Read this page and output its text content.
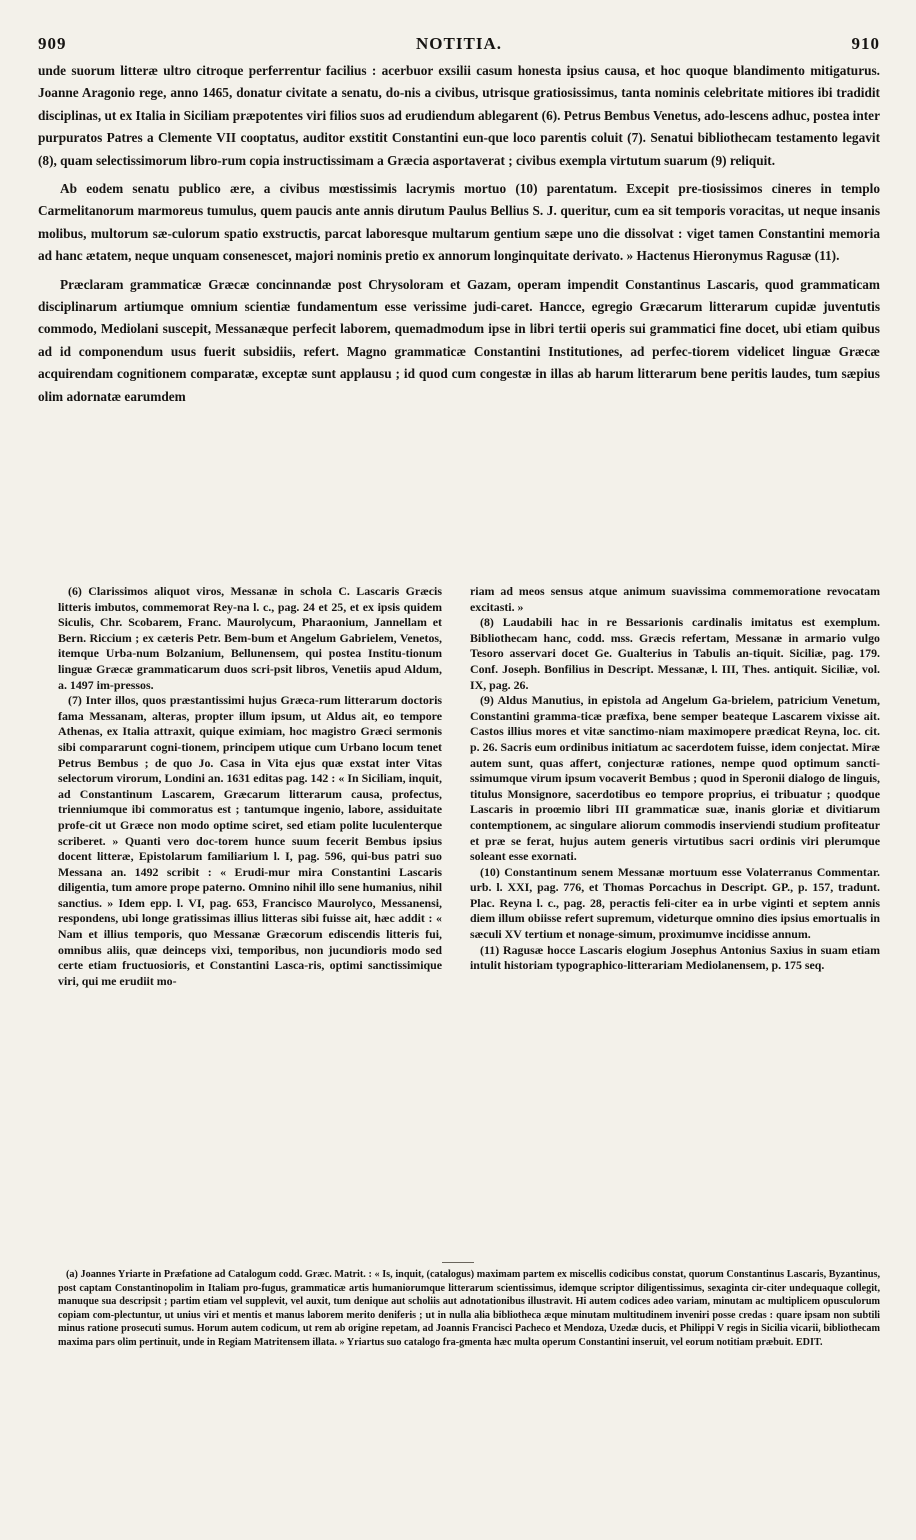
909	NOTITIA.	910

unde suorum litteræ ultro citroque perferrentur facilius : acerbuor exsilii casum honesta ipsius causa, et hoc quoque blandimento mitigaturus. Joanne Aragonio rege, anno 1465, donatur civitate a senatu, do-nis a civibus, utrisque gratiosissimus, tanta nominis celebritate mitiores ibi tradidit disciplinas, ut ex Italia in Siciliam præpotentes viri filios suos ad erudiendum ablegarent (6). Petrus Bembus Venetus, ado-lescens adhuc, postea inter purpuratos Patres a Clemente VII cooptatus, auditor exstitit Constantini eun-que loco parentis coluit (7). Senatui bibliothecam testamento legavit (8), quam selectissimorum libro-rum copia instructissimam a Græcia asportaverat ; civibus exempla virtutum suarum (9) reliquit.

Ab eodem senatu publico ære, a civibus mœstissimis lacrymis mortuo (10) parentatum. Excepit pre-tiosissimos cineres in templo Carmelitanorum marmoreus tumulus, quem paucis ante annis dirutum Paulus Bellius S. J. queritur, cum ea sit temporis voracitas, ut neque insanis molibus, multorum sæ-culorum spatio exstructis, parcat laboresque multarum gentium sæpe uno die dissolvat : viget tamen Constantini memoria ad hanc ætatem, neque unquam consenescet, majori nominis pretio ex annorum longinquitate derivato. » Hactenus Hieronymus Ragusæ (11).

Præclaram grammaticæ Græcæ concinnandæ post Chrysoloram et Gazam, operam impendit Constantinus Lascaris, quod grammaticam disciplinarum artiumque omnium scientiæ fundamentum esse verissime judi-caret. Hancce, egregio Græcarum litterarum cupidæ juventutis commodo, Mediolani suscepit, Messanæque perfecit laborem, quemadmodum ipse in libri tertii operis sui grammatici fine docet, ubi etiam quibus ad id componendum usus fuerit subsidiis, refert. Magno grammaticæ Constantini Institutiones, ad perfec-tiorem videlicet linguæ Græcæ acquirendam cognitionem comparatæ, exceptæ sunt applausu ; id quod cum congestæ in illas ab harum litterarum bene peritis laudes, tum sæpius olim adornatæ earumdem

(6) Clarissimos aliquot viros, Messanæ in schola C. Lascaris Græcis litteris imbutos, commemorat Rey-na l. c., pag. 24 et 25, et ex ipsis quidem Siculis, Chr. Scobarem, Franc. Maurolycum, Pharaonium, Jannellam et Bern. Riccium ; ex cæteris Petr. Bem-bum et Angelum Gabrielem, Venetos, itemque Urba-num Bolzanium, Bellunensem, qui postea Institu-tionum linguæ Græcæ grammaticarum duos scri-psit libros, Venetiis apud Aldum, a. 1497 im-pressos.

(7) Inter illos, quos præstantissimi hujus Græca-rum litterarum doctoris fama Messanam, alteras, propter illum ipsum, ut Aldus ait, eo tempore Athenas, ex Italia attraxit, quique eximiam, hoc magistro Græci sermonis sibi compararunt cogni-tionem, principem utique cum Urbano locum tenet Petrus Bembus ; de quo Jo. Casa in Vita ejus quæ exstat inter Vitas selectorum virorum, Londini an. 1631 editas pag. 142 : « In Siciliam, inquit, ad Constantinum Lascarem, Græcarum litterarum causa, profectus, trienniumque ibi commoratus est ; tantumque ingenio, labore, assiduitate profe-cit ut Græce non modo optime sciret, sed etiam polite luculenterque scriberet. » Quanti vero doc-torem hunce suum fecerit Bembus ipsius docent litteræ, Epistolarum familiarium l. I, pag. 596, qui-bus patri suo Messana an. 1492 scribit : « Erudi-mur mira Constantini Lascaris diligentia, tum amore prope paterno. Omnino nihil illo sene humanius, nihil sanctius. » Idem epp. l. VI, pag. 653, Francisco Maurolyco, Messanensi, respondens, ubi longe gratissimas illius litteras sibi fuisse ait, hæc addit : « Nam et illius temporis, quo Messanæ Græcorum ediscendis litteris fui, omnibus aliis, quæ deinceps vixi, temporibus, non jucundioris modo sed certe etiam fructuosioris, et Constantini Lasca-ris, optimi sanctissimique viri, qui me erudiit mo-

riam ad meos sensus atque animum suavissima commemoratione revocatam excitasti. »

(8) Laudabili hac in re Bessarionis cardinalis imitatus est exemplum. Bibliothecam hanc, codd. mss. Græcis refertam, Messanæ in armario vulgo Tesoro asservari docet Ge. Gualterius in Tabulis an-tiquit. Siciliæ, pag. 179. Conf. Joseph. Bonfilius in Descript. Messanæ, l. III, Thes. antiquit. Siciliæ, vol. IX, pag. 26.

(9) Aldus Manutius, in epistola ad Angelum Ga-brielem, patricium Venetum, Constantini gramma-ticæ præfixa, bene semper beateque Lascarem vixisse ait. Castos illius mores et vitæ sanctimo-niam maximopere prædicat Reyna, loc. cit. p. 26. Sacris eum ordinibus initiatum ac sacerdotem fuisse, idem conjectat. Miræ autem sunt, quas affert, conjecturæ rationes, nempe quod optimum sancti-ssimumque virum ipsum vocaverit Bembus ; quod in Speronii dialogo de linguis, titulus Monsignore, sacerdotibus eo tempore proprius, ei tribuatur ; quodque Lascaris in proœmio libri III grammaticæ suæ, inanis gloriæ et divitiarum contemptionem, ac singulare aliorum commodis inserviendi studium profiteatur et præ se ferat, hujus autem generis virtutibus sacri ordinis viri plerumque soleant esse exornati.

(10) Constantinum senem Messanæ mortuum esse Volaterranus Commentar. urb. l. XXI, pag. 776, et Thomas Porcachus in Descript. GP., p. 157, tradunt. Plac. Reyna l. c., pag. 28, peractis feli-citer ea in urbe viginti et septem annis diem illum obiisse refert supremum, videturque omnino dies ipsius emortualis in sæculi XV tertium et nonage-simum, proximumve incidisse annum.

(11) Ragusæ hocce Lascaris elogium Josephus Antonius Saxius in suam etiam intulit historiam typographico-litterariam Mediolanensem, p. 175 seq.

(a) Joannes Yriarte in Præfatione ad Catalogum codd. Græc. Matrit. : « Is, inquit, (catalogus) maximam partem ex miscellis codicibus constat, quorum Constantinus Lascaris, Byzantinus, post captam Constantinopolim in Italiam pro-fugus, grammaticæ artis humaniorumque litterarum scientissimus, idemque scriptor diligentissimus, sexaginta cir-citer undequaque collegit, manuque sua descripsit ; partim etiam vel supplevit, vel auxit, tum denique aut scholiis aut adnotationibus illustravit. Hi autem codices adeo variam, minutam ac multiplicem opusculorum copiam com-plectuntur, ut unius viri et mentis et manus laborem merito deniferis ; ut in nulla alia bibliotheca æque minutam multitudinem inveniri posse credas : quare ipsam non subtili minus ratione prosecuti sumus. Horum autem codicum, ut rem ab origine repetam, ad Joannis Francisci Pacheco et Mendoza, Uzedæ ducis, et Philippi V regis in Sicilia vicarii, bibliothecam maxima pars olim pertinuit, unde in Regiam Matritensem illata. » Yriartus suo catalogo fra-gmenta hæc multa operum Constantini inseruit, vel eorum notitiam præbuit. EDIT.
